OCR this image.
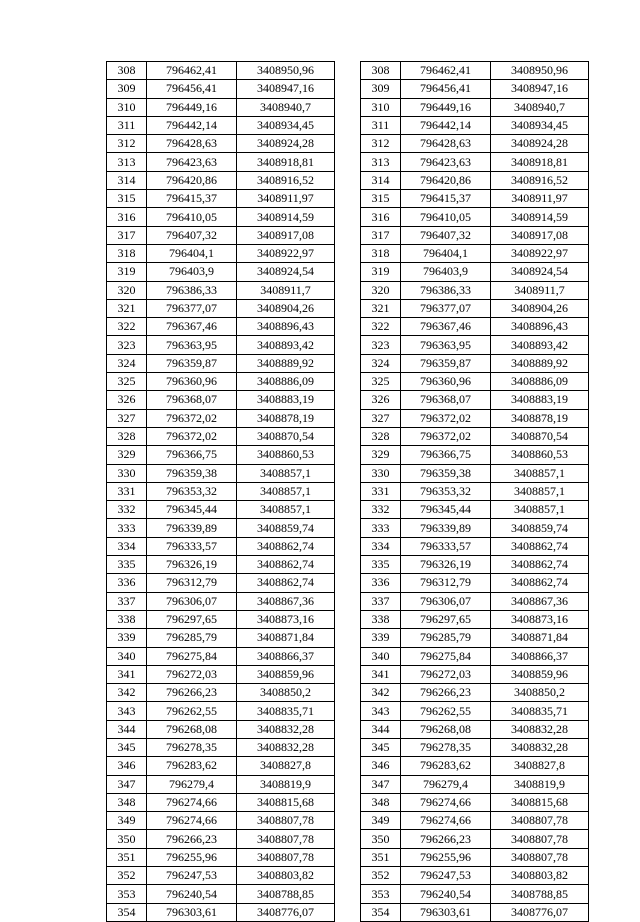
308	796462,41	3408950,96
309	796456,41	3408947,16
310	796449,16	3408940,7
311	796442,14	3408934,45
312	796428,63	3408924,28
313	796423,63	3408918,81
314	796420,86	3408916,52
315	796415,37	3408911,97
316	796410,05	3408914,59
317	796407,32	3408917,08
318	796404,1	3408922,97
319	796403,9	3408924,54
320	796386,33	3408911,7
321	796377,07	3408904,26
322	796367,46	3408896,43
323	796363,95	3408893,42
324	796359,87	3408889,92
325	796360,96	3408886,09
326	796368,07	3408883,19
327	796372,02	3408878,19
328	796372,02	3408870,54
329	796366,75	3408860,53
330	796359,38	3408857,1
331	796353,32	3408857,1
332	796345,44	3408857,1
333	796339,89	3408859,74
334	796333,57	3408862,74
335	796326,19	3408862,74
336	796312,79	3408862,74
337	796306,07	3408867,36
338	796297,65	3408873,16
339	796285,79	3408871,84
340	796275,84	3408866,37
341	796272,03	3408859,96
342	796266,23	3408850,2
343	796262,55	3408835,71
344	796268,08	3408832,28
345	796278,35	3408832,28
346	796283,62	3408827,8
347	796279,4	3408819,9
348	796274,66	3408815,68
349	796274,66	3408807,78
350	796266,23	3408807,78
351	796255,96	3408807,78
352	796247,53	3408803,82
353	796240,54	3408788,85
354	796303,61	3408776,07
308	796462,41	3408950,96
309	796456,41	3408947,16
310	796449,16	3408940,7
311	796442,14	3408934,45
312	796428,63	3408924,28
313	796423,63	3408918,81
314	796420,86	3408916,52
315	796415,37	3408911,97
316	796410,05	3408914,59
317	796407,32	3408917,08
318	796404,1	3408922,97
319	796403,9	3408924,54
320	796386,33	3408911,7
321	796377,07	3408904,26
322	796367,46	3408896,43
323	796363,95	3408893,42
324	796359,87	3408889,92
325	796360,96	3408886,09
326	796368,07	3408883,19
327	796372,02	3408878,19
328	796372,02	3408870,54
329	796366,75	3408860,53
330	796359,38	3408857,1
331	796353,32	3408857,1
332	796345,44	3408857,1
333	796339,89	3408859,74
334	796333,57	3408862,74
335	796326,19	3408862,74
336	796312,79	3408862,74
337	796306,07	3408867,36
338	796297,65	3408873,16
339	796285,79	3408871,84
340	796275,84	3408866,37
341	796272,03	3408859,96
342	796266,23	3408850,2
343	796262,55	3408835,71
344	796268,08	3408832,28
345	796278,35	3408832,28
346	796283,62	3408827,8
347	796279,4	3408819,9
348	796274,66	3408815,68
349	796274,66	3408807,78
350	796266,23	3408807,78
351	796255,96	3408807,78
352	796247,53	3408803,82
353	796240,54	3408788,85
354	796303,61	3408776,07
